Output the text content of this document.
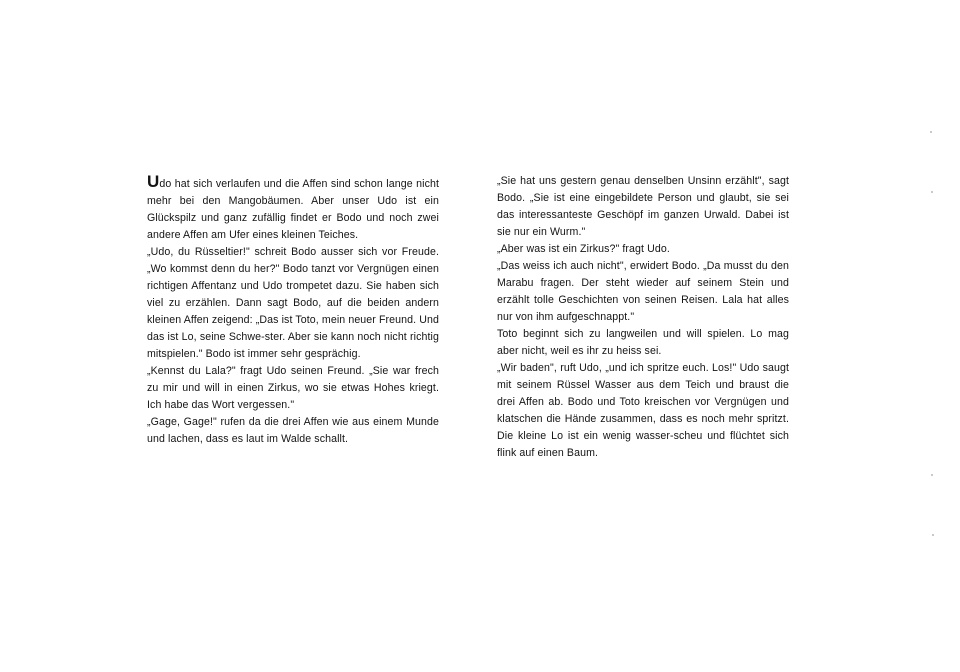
Udo hat sich verlaufen und die Affen sind schon lange nicht mehr bei den Mangobäumen. Aber unser Udo ist ein Glückspilz und ganz zufällig findet er Bodo und noch zwei andere Affen am Ufer eines kleinen Teiches.

„Udo, du Rüsseltier!" schreit Bodo ausser sich vor Freude. „Wo kommst denn du her?" Bodo tanzt vor Vergnügen einen richtigen Affentanz und Udo trompetet dazu. Sie haben sich viel zu erzählen. Dann sagt Bodo, auf die beiden andern kleinen Affen zeigend: „Das ist Toto, mein neuer Freund. Und das ist Lo, seine Schwe-ster. Aber sie kann noch nicht richtig mitspielen." Bodo ist immer sehr gesprächig.

„Kennst du Lala?" fragt Udo seinen Freund. „Sie war frech zu mir und will in einen Zirkus, wo sie etwas Hohes kriegt. Ich habe das Wort vergessen."

„Gage, Gage!" rufen da die drei Affen wie aus einem Munde und lachen, dass es laut im Walde schallt.

„Sie hat uns gestern genau denselben Unsinn erzählt", sagt Bodo. „Sie ist eine eingebildete Person und glaubt, sie sei das interessanteste Geschöpf im ganzen Urwald. Dabei ist sie nur ein Wurm."

„Aber was ist ein Zirkus?" fragt Udo.

„Das weiss ich auch nicht", erwidert Bodo. „Da musst du den Marabu fragen. Der steht wieder auf seinem Stein und erzählt tolle Geschichten von seinen Reisen. Lala hat alles nur von ihm aufgeschnappt."

Toto beginnt sich zu langweilen und will spielen. Lo mag aber nicht, weil es ihr zu heiss sei.

„Wir baden", ruft Udo, „und ich spritze euch. Los!" Udo saugt mit seinem Rüssel Wasser aus dem Teich und braust die drei Affen ab. Bodo und Toto kreischen vor Vergnügen und klatschen die Hände zusammen, dass es noch mehr spritzt. Die kleine Lo ist ein wenig wasser-scheu und flüchtet sich flink auf einen Baum.
